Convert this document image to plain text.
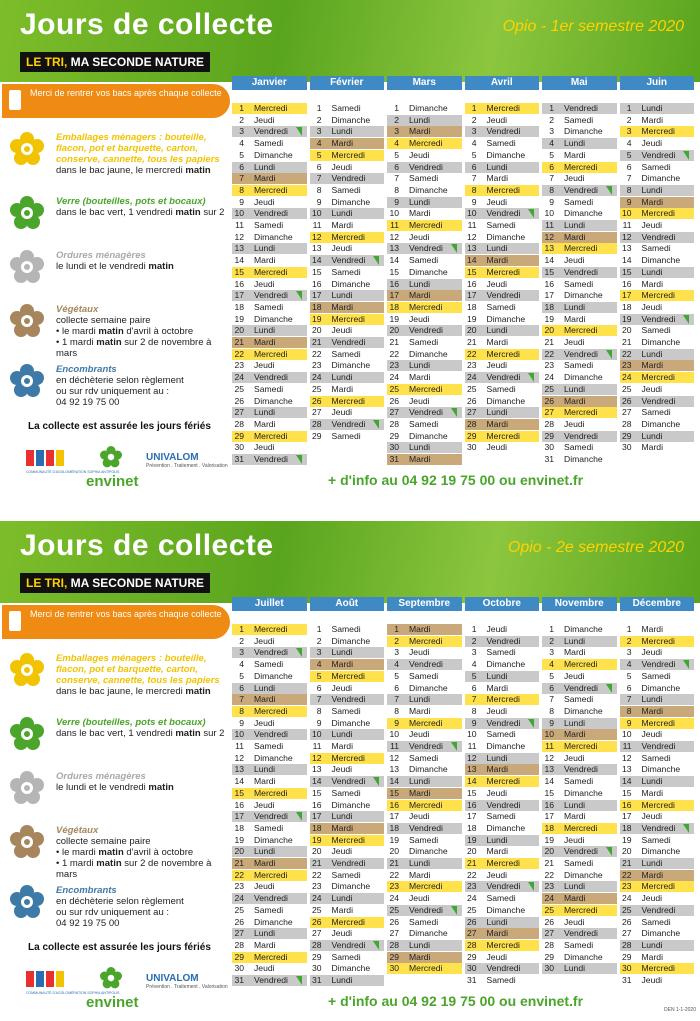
Jours de collecte
LE TRI, MA SECONDE NATURE
Opio - 1er semestre 2020
Merci de rentrer vos bacs après chaque collecte
Emballages ménagers : bouteille, flacon, pot et barquette, carton, conserve, cannette, tous les papiers
dans le bac jaune, le mercredi matin
Verre (bouteilles, pots et bocaux)
dans le bac vert, 1 vendredi matin sur 2
Ordures ménagères
le lundi et le vendredi matin
Végétaux
collecte semaine paire
• le mardi matin d'avril à octobre
• 1 mardi matin sur 2 de novembre à mars
Encombrants
en déchèterie selon règlement
ou sur rdv uniquement au :
04 92 19 75 00
La collecte est assurée les jours fériés
COMMUNAUTÉ D'AGGLOMÉRATION SOPHIA ANTIPOLIS
envinet
UNIVALOM
Prévention . Traitement . Valorisation
Janvier
1 Mercredi
2 Jeudi
3 Vendredi
4 Samedi
5 Dimanche
6 Lundi
7 Mardi
8 Mercredi
9 Jeudi
10 Vendredi
11 Samedi
12 Dimanche
13 Lundi
14 Mardi
15 Mercredi
16 Jeudi
17 Vendredi
18 Samedi
19 Dimanche
20 Lundi
21 Mardi
22 Mercredi
23 Jeudi
24 Vendredi
25 Samedi
26 Dimanche
27 Lundi
28 Mardi
29 Mercredi
30 Jeudi
31 Vendredi
Février
1 Samedi
2 Dimanche
3 Lundi
4 Mardi
5 Mercredi
6 Jeudi
7 Vendredi
8 Samedi
9 Dimanche
10 Lundi
11 Mardi
12 Mercredi
13 Jeudi
14 Vendredi
15 Samedi
16 Dimanche
17 Lundi
18 Mardi
19 Mercredi
20 Jeudi
21 Vendredi
22 Samedi
23 Dimanche
24 Lundi
25 Mardi
26 Mercredi
27 Jeudi
28 Vendredi
29 Samedi
Mars
1 Dimanche
2 Lundi
3 Mardi
4 Mercredi
5 Jeudi
6 Vendredi
7 Samedi
8 Dimanche
9 Lundi
10 Mardi
11 Mercredi
12 Jeudi
13 Vendredi
14 Samedi
15 Dimanche
16 Lundi
17 Mardi
18 Mercredi
19 Jeudi
20 Vendredi
21 Samedi
22 Dimanche
23 Lundi
24 Mardi
25 Mercredi
26 Jeudi
27 Vendredi
28 Samedi
29 Dimanche
30 Lundi
31 Mardi
Avril
1 Mercredi
2 Jeudi
3 Vendredi
4 Samedi
5 Dimanche
6 Lundi
7 Mardi
8 Mercredi
9 Jeudi
10 Vendredi
11 Samedi
12 Dimanche
13 Lundi
14 Mardi
15 Mercredi
16 Jeudi
17 Vendredi
18 Samedi
19 Dimanche
20 Lundi
21 Mardi
22 Mercredi
23 Jeudi
24 Vendredi
25 Samedi
26 Dimanche
27 Lundi
28 Mardi
29 Mercredi
30 Jeudi
Mai
1 Vendredi
2 Samedi
3 Dimanche
4 Lundi
5 Mardi
6 Mercredi
7 Jeudi
8 Vendredi
9 Samedi
10 Dimanche
11 Lundi
12 Mardi
13 Mercredi
14 Jeudi
15 Vendredi
16 Samedi
17 Dimanche
18 Lundi
19 Mardi
20 Mercredi
21 Jeudi
22 Vendredi
23 Samedi
24 Dimanche
25 Lundi
26 Mardi
27 Mercredi
28 Jeudi
29 Vendredi
30 Samedi
31 Dimanche
Juin
1 Lundi
2 Mardi
3 Mercredi
4 Jeudi
5 Vendredi
6 Samedi
7 Dimanche
8 Lundi
9 Mardi
10 Mercredi
11 Jeudi
12 Vendredi
13 Samedi
14 Dimanche
15 Lundi
16 Mardi
17 Mercredi
18 Jeudi
19 Vendredi
20 Samedi
21 Dimanche
22 Lundi
23 Mardi
24 Mercredi
25 Jeudi
26 Vendredi
27 Samedi
28 Dimanche
29 Lundi
30 Mardi
+ d'info au 04 92 19 75 00 ou envinet.fr
Jours de collecte
LE TRI, MA SECONDE NATURE
Opio - 2e semestre 2020
Merci de rentrer vos bacs après chaque collecte
Emballages ménagers : bouteille, flacon, pot et barquette, carton, conserve, cannette, tous les papiers
dans le bac jaune, le mercredi matin
Verre (bouteilles, pots et bocaux)
dans le bac vert, 1 vendredi matin sur 2
Ordures ménagères
le lundi et le vendredi matin
Végétaux
collecte semaine paire
• le mardi matin d'avril à octobre
• 1 mardi matin sur 2 de novembre à mars
Encombrants
en déchèterie selon règlement
ou sur rdv uniquement au :
04 92 19 75 00
La collecte est assurée les jours fériés
COMMUNAUTÉ D'AGGLOMÉRATION SOPHIA ANTIPOLIS
envinet
UNIVALOM
Prévention . Traitement . Valorisation
Juillet
1 Mercredi
2 Jeudi
3 Vendredi
4 Samedi
5 Dimanche
6 Lundi
7 Mardi
8 Mercredi
9 Jeudi
10 Vendredi
11 Samedi
12 Dimanche
13 Lundi
14 Mardi
15 Mercredi
16 Jeudi
17 Vendredi
18 Samedi
19 Dimanche
20 Lundi
21 Mardi
22 Mercredi
23 Jeudi
24 Vendredi
25 Samedi
26 Dimanche
27 Lundi
28 Mardi
29 Mercredi
30 Jeudi
31 Vendredi
Août
1 Samedi
2 Dimanche
3 Lundi
4 Mardi
5 Mercredi
6 Jeudi
7 Vendredi
8 Samedi
9 Dimanche
10 Lundi
11 Mardi
12 Mercredi
13 Jeudi
14 Vendredi
15 Samedi
16 Dimanche
17 Lundi
18 Mardi
19 Mercredi
20 Jeudi
21 Vendredi
22 Samedi
23 Dimanche
24 Lundi
25 Mardi
26 Mercredi
27 Jeudi
28 Vendredi
29 Samedi
30 Dimanche
31 Lundi
Septembre
1 Mardi
2 Mercredi
3 Jeudi
4 Vendredi
5 Samedi
6 Dimanche
7 Lundi
8 Mardi
9 Mercredi
10 Jeudi
11 Vendredi
12 Samedi
13 Dimanche
14 Lundi
15 Mardi
16 Mercredi
17 Jeudi
18 Vendredi
19 Samedi
20 Dimanche
21 Lundi
22 Mardi
23 Mercredi
24 Jeudi
25 Vendredi
26 Samedi
27 Dimanche
28 Lundi
29 Mardi
30 Mercredi
Octobre
1 Jeudi
2 Vendredi
3 Samedi
4 Dimanche
5 Lundi
6 Mardi
7 Mercredi
8 Jeudi
9 Vendredi
10 Samedi
11 Dimanche
12 Lundi
13 Mardi
14 Mercredi
15 Jeudi
16 Vendredi
17 Samedi
18 Dimanche
19 Lundi
20 Mardi
21 Mercredi
22 Jeudi
23 Vendredi
24 Samedi
25 Dimanche
26 Lundi
27 Mardi
28 Mercredi
29 Jeudi
30 Vendredi
31 Samedi
Novembre
1 Dimanche
2 Lundi
3 Mardi
4 Mercredi
5 Jeudi
6 Vendredi
7 Samedi
8 Dimanche
9 Lundi
10 Mardi
11 Mercredi
12 Jeudi
13 Vendredi
14 Samedi
15 Dimanche
16 Lundi
17 Mardi
18 Mercredi
19 Jeudi
20 Vendredi
21 Samedi
22 Dimanche
23 Lundi
24 Mardi
25 Mercredi
26 Jeudi
27 Vendredi
28 Samedi
29 Dimanche
30 Lundi
Décembre
1 Mardi
2 Mercredi
3 Jeudi
4 Vendredi
5 Samedi
6 Dimanche
7 Lundi
8 Mardi
9 Mercredi
10 Jeudi
11 Vendredi
12 Samedi
13 Dimanche
14 Lundi
15 Mardi
16 Mercredi
17 Jeudi
18 Vendredi
19 Samedi
20 Dimanche
21 Lundi
22 Mardi
23 Mercredi
24 Jeudi
25 Vendredi
26 Samedi
27 Dimanche
28 Lundi
29 Mardi
30 Mercredi
31 Jeudi
+ d'info au 04 92 19 75 00 ou envinet.fr
DEN 1-1-2020
